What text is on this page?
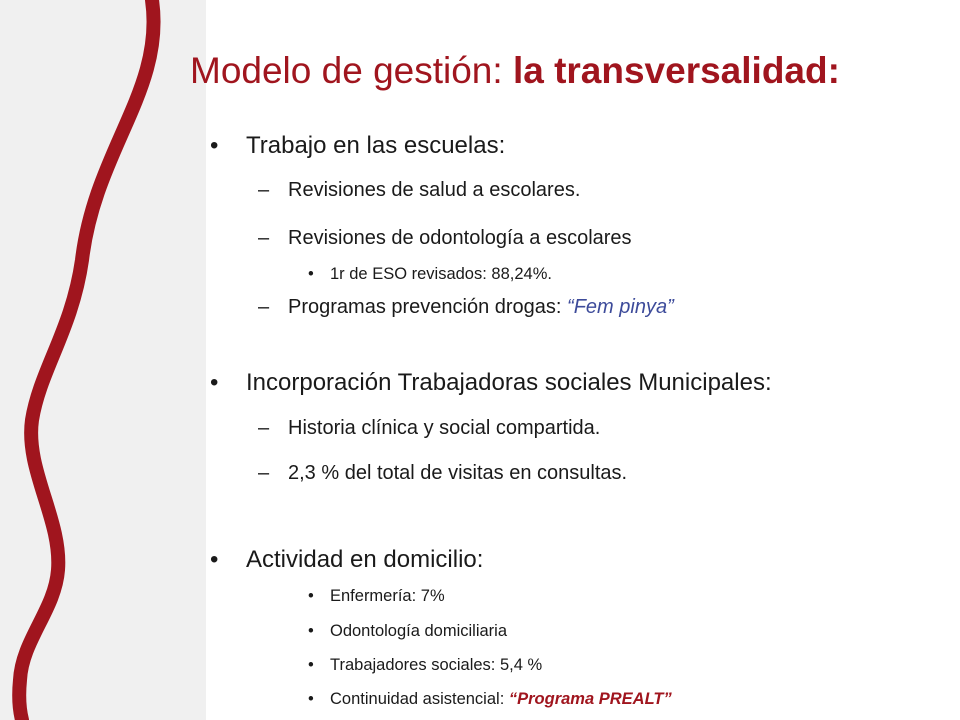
Modelo de gestión: la transversalidad:
• Trabajo en las escuelas:
– Revisiones de salud a escolares.
– Revisiones de odontología a escolares
• 1r de ESO revisados: 88,24%.
– Programas prevención drogas: “Fem pinya”
• Incorporación Trabajadoras sociales Municipales:
– Historia clínica y social compartida.
– 2,3 % del total de visitas en consultas.
• Actividad en domicilio:
• Enfermería: 7%
• Odontología domiciliaria
• Trabajadores sociales: 5,4 %
• Continuidad asistencial: “Programa PREALT”
